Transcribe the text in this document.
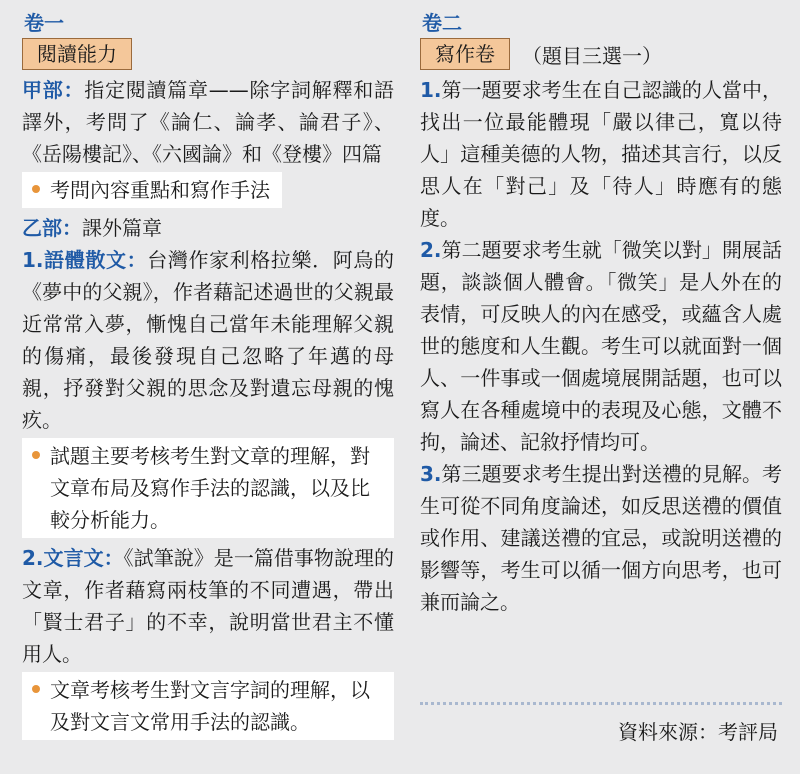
卷一
閱讀能力

甲部：指定閱讀篇章——除字詞解釋和語譯外，考問了《論仁、論孝、論君子》、《岳陽樓記》、《六國論》和《登樓》四篇

考問內容重點和寫作手法

乙部：課外篇章

1.語體散文：台灣作家利格拉樂．阿烏的《夢中的父親》，作者藉記述過世的父親最近常常入夢，慚愧自己當年未能理解父親的傷痛，最後發現自己忽略了年邁的母親，抒發對父親的思念及對遺忘母親的愧疚。

試題主要考核考生對文章的理解，對文章布局及寫作手法的認識，以及比較分析能力。

2.文言文：《試筆說》是一篇借事物說理的文章，作者藉寫兩枝筆的不同遭遇，帶出「賢士君子」的不幸，說明當世君主不懂用人。

文章考核考生對文言字詞的理解，以及對文言文常用手法的認識。
卷二
寫作卷	（題目三選一）

1.第一題要求考生在自己認識的人當中，找出一位最能體現「嚴以律己，寬以待人」這種美德的人物，描述其言行，以反思人在「對己」及「待人」時應有的態度。

2.第二題要求考生就「微笑以對」開展話題，談談個人體會。「微笑」是人外在的表情，可反映人的內在感受，或蘊含人處世的態度和人生觀。考生可以就面對一個人、一件事或一個處境展開話題，也可以寫人在各種處境中的表現及心態，文體不拘，論述、記敘抒情均可。

3.第三題要求考生提出對送禮的見解。考生可從不同角度論述，如反思送禮的價值或作用、建議送禮的宜忌，或說明送禮的影響等，考生可以循一個方向思考，也可兼而論之。

資料來源：考評局
